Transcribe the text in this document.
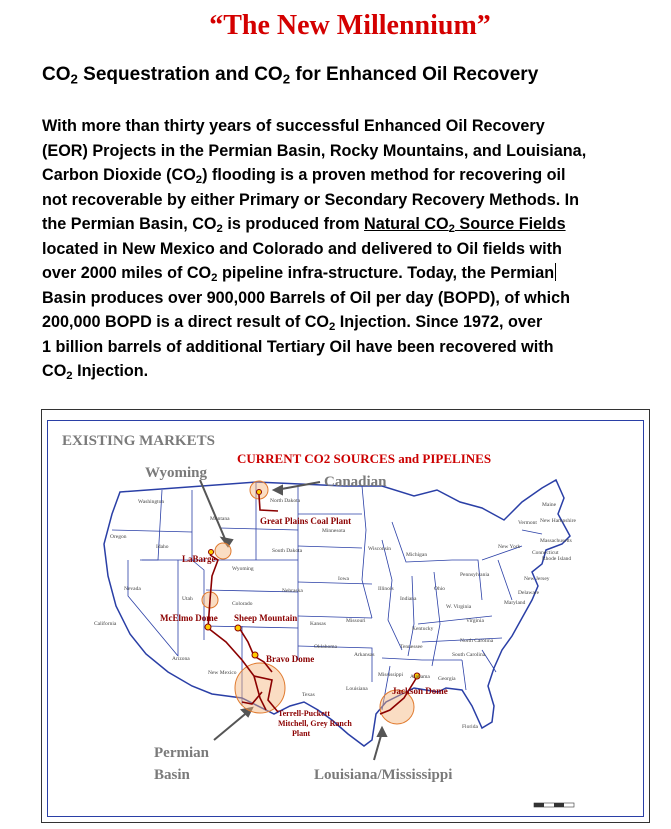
“The New Millennium”
$CO_2$ Sequestration and $CO_2$ for Enhanced Oil Recovery
With more than thirty years of successful Enhanced Oil Recovery
(EOR) Projects in the Permian Basin, Rocky Mountains, and Louisiana,
Carbon Dioxide $(CO_2)$ flooding is a proven method for recovering oil
not recoverable by either Primary or Secondary Recovery Methods. In
the Permian Basin, $CO_2$ is produced from Natural $CO_2$ Source Fields
located in New Mexico and Colorado and delivered to Oil fields with
over 2000 miles of $CO_2$ pipeline infra-structure. Today, the Permian
Basin produces over 900,000 Barrels of Oil per day (BOPD), of which
200,000 BOPD is a direct result of $CO_2$ Injection. Since 1972, over
1 billion barrels of additional Tertiary Oil have been recovered with
$CO_2$ Injection.
EXISTING MARKETS
CURRENT CO2 SOURCES and PIPELINES
Wyoming
Canadian
Permian
Basin	Louisiana/Mississippi
Great Plains Coal Plant
LaBarge
McElmo Dome Sheep Mountain
Bravo Dome
Jackson Dome
Terrell-Puckett
Mitchell, Grey Ranch
Plant
Washington
Oregon
Idaho
Montana
Wyoming
Nevada
Utah
Colorado
California
Arizona
New Mexico
North Dakota
South Dakota
Nebraska
Kansas
Oklahoma
Texas
Minnesota
Iowa
Missouri
Arkansas
Louisiana
Wisconsin
Illinois
Michigan
Indiana
Ohio
Kentucky
Tennessee
Mississippi Alabama Georgia
Florida
South Carolina
North Carolina
Virginia
W. Virginia
Pennsylvania
New York
Maine
Vermont New Hampshire
Massachusetts
Rhode Island
Connecticut
New Jersey
Maryland
Delaware
